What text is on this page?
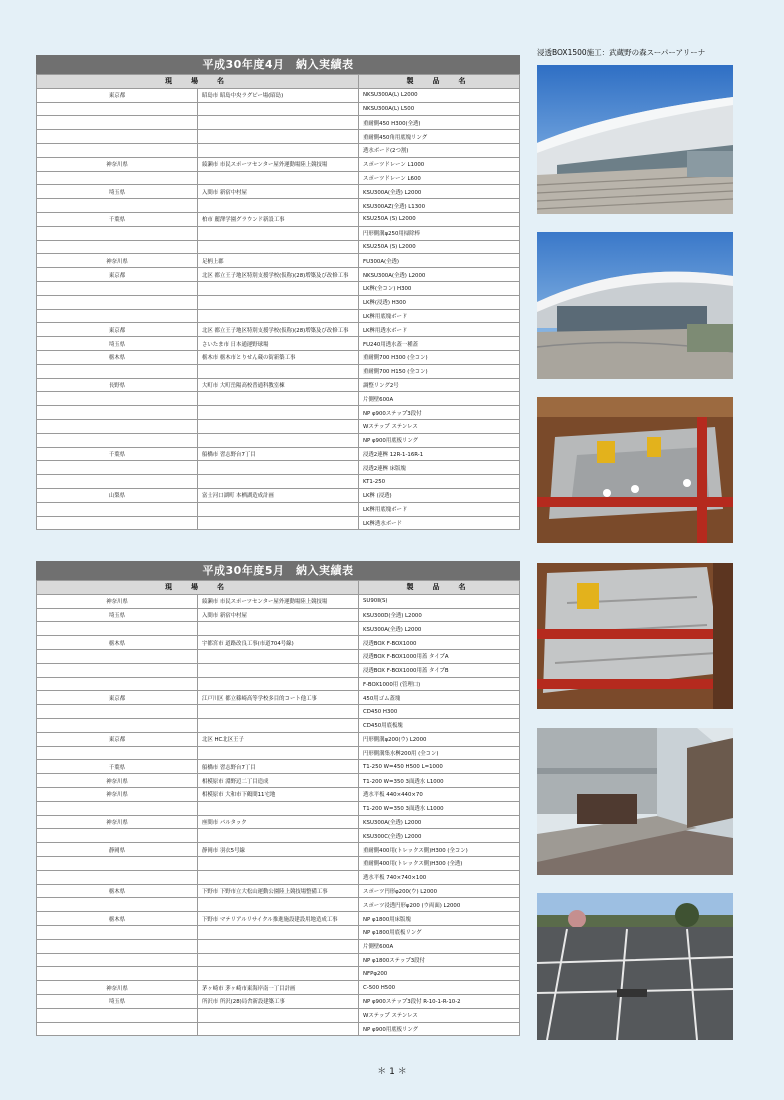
平成30年度4月　納入実績表
現　場　名		製　品　名
東京都	昭島市 昭島中央ラグビー場(昭島)	NKSU300A(L) L2000
		NKSU300A(L) L500
		重耐側450 H300(全透)
		重耐側450角用底塊リング
		透水ボード(2つ割)
神奈川県	綾瀬市 市民スポーツセンター屋外運動場陸上競技場	スポーツドレーン L1000
		スポーツドレーン L600
埼玉県	入間市 新宿中村屋	KSU300A(全透) L2000
		KSU300AZ(全透) L1300
千葉県	柏市 麗澤学園グラウンド新設工事	KSU250A (S) L2000
		円形側溝φ250用掃除棒
		KSU250A (S) L2000
神奈川県	足柄上郡	FU300A(全透)
東京都	北区 都立王子地区特別支援学校(仮称)(28)増築及び改修工事	NKSU300A(全透) L2000
		LK桝(全コン) H300
		LK桝(浸透) H300
		LK桝用底塊ボード
東京都	北区 都立王子地区特別支援学校(仮称)(28)増築及び改修工事	LK桝用透水ボード
埼玉県	さいたま市 日本通運野球場	FU240用透水蓋一種蓋
栃木県	栃木市 栃木市とりせん蔵の街新築工事	重耐側700 H300 (全コン)
		重耐側700 H150 (全コン)
長野県	大町市 大町岳陽高校普通科教室棟	調整リング2号
		片側壁600A
		NP φ900ステップ3段付
		Wステップ ステンレス
		NP φ900用底板リング
千葉県	船橋市 習志野台7丁目	浸透2連桝 12R-1-16R-1
		浸透2連桝 床版塊
		KT1-250
山梨県	富士河口湖町 本栖湖造成計画	LK桝 (浸透)
		LK桝用底塊ボード
		LK桝透水ボード
平成30年度5月　納入実績表
現　場　名		製　品　名
神奈川県	綾瀬市 市民スポーツセンター屋外運動場陸上競技場	SU90Ⅱ(S)
埼玉県	入間市 新宿中村屋	KSU300D(全透) L2000
		KSU300A(全透) L2000
栃木県	宇都宮市 道路改良工事(市道704号線)	浸透BOX F-BOX1000
		浸透BOX F-BOX1000用蓋 タイプA
		浸透BOX F-BOX1000用蓋 タイプB
		F-BOX1000用 (管理口)
東京都	江戸川区 都立篠崎高等学校多目的コート他工事	450用ゴム蓋塊
		CD450 H300
		CD450用底板塊
東京都	北区 HC北区王子	円形側溝φ200(ウ) L2000
		円形側溝集水桝200用 (全コン)
千葉県	船橋市 習志野台7丁目	T1-250 W=450 H500 L=1000
神奈川県	相模原市 淵野辺二丁目造成	T1-200 W=350 3面透水 L1000
神奈川県	相模原市 大和市下鶴間11宅地	透水平板 440×440×70
		T1-200 W=350 3面透水 L1000
神奈川県	座間市 パルタック	KSU300A(全透) L2000
		KSU300C(全透) L2000
静岡県	静岡市 羽衣5号線	重耐側400用(トレックス側)H300 (全コン)
		重耐側400用(トレックス側)H300 (全透)
		透水平板 740×740×100
栃木県	下野市 下野市立大松山運動公園陸上競技場整備工事	スポーツ円形φ200(ウ) L2000
		スポーツ浸透円形φ200 (ウ両面) L2000
栃木県	下野市 マテリアルリサイクル推進施設建設用地造成工事	NP φ1800用床版塊
		NP φ1800用底板リング
		片側壁600A
		NP φ1800ステップ3段付
		NFPφ200
神奈川県	茅ヶ崎市 茅ヶ崎市東海岸南一丁目計画	C-500 H500
埼玉県	所沢市 所沢(28)局舎新設建築工事	NP φ900ステップ3段付 R-10-1-R-10-2
		Wステップ ステンレス
		NP φ900用底板リング
浸透BOX1500施工：武蔵野の森スーパーアリーナ
＊ 1 ＊
